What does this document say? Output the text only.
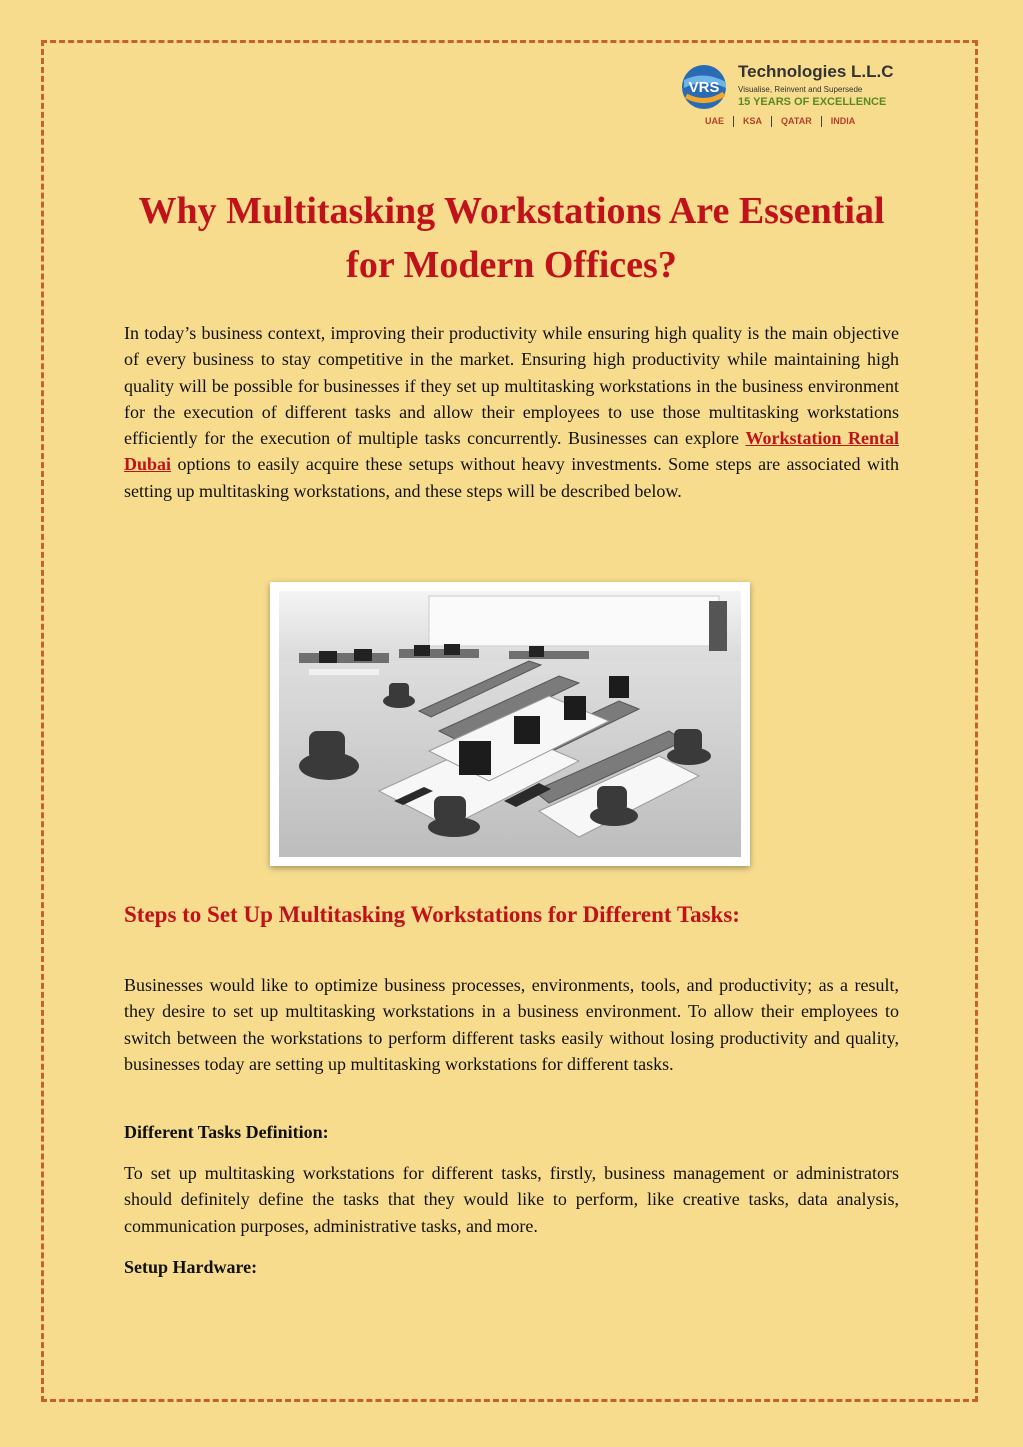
VRS
Technologies L.L.C
Visualise, Reinvent and Supersede
15 YEARS OF EXCELLENCE
UAE	KSA	QATAR	INDIA
Why Multitasking Workstations Are Essential for Modern Offices?

In today’s business context, improving their productivity while ensuring high quality is the main objective of every business to stay competitive in the market. Ensuring high productivity while maintaining high quality will be possible for businesses if they set up multitasking workstations in the business environment for the execution of different tasks and allow their employees to use those multitasking workstations efficiently for the execution of multiple tasks concurrently. Businesses can explore Workstation Rental Dubai options to easily acquire these setups without heavy investments. Some steps are associated with setting up multitasking workstations, and these steps will be described below.

Steps to Set Up Multitasking Workstations for Different Tasks:

Businesses would like to optimize business processes, environments, tools, and productivity; as a result, they desire to set up multitasking workstations in a business environment. To allow their employees to switch between the workstations to perform different tasks easily without losing productivity and quality, businesses today are setting up multitasking workstations for different tasks.

Different Tasks Definition:

To set up multitasking workstations for different tasks, firstly, business management or administrators should definitely define the tasks that they would like to perform, like creative tasks, data analysis, communication purposes, administrative tasks, and more.

Setup Hardware:
